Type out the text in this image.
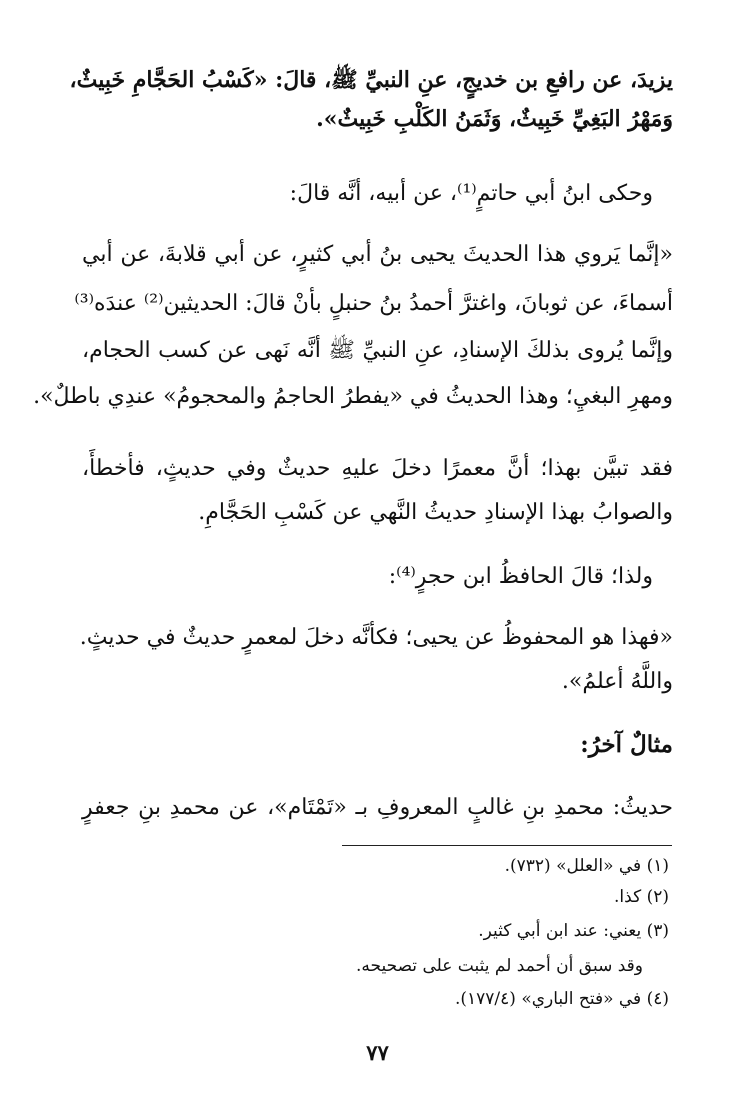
يزيدَ، عن رافعِ بن خديجٍ، عنِ النبيِّ ﷺ، قالَ: «كَسْبُ الحَجَّامِ خَبِيثٌ،
وَمَهْرُ البَغِيِّ خَبِيثٌ، وَثَمَنُ الكَلْبِ خَبِيثٌ».
وحكى ابنُ أبي حاتمٍ⁽¹⁾، عن أبيه، أنَّه قالَ:
«إنَّما يَروي هذا الحديثَ يحيى بنُ أبي كثيرٍ، عن أبي قلابةَ، عن أبي
أسماءَ، عن ثوبانَ، واغترَّ أحمدُ بنُ حنبلٍ بأنْ قالَ: الحديثين⁽²⁾ عندَه⁽³⁾
وإنَّما يُروى بذلكَ الإسنادِ، عنِ النبيِّ ﷺ أنَّه نَهى عن كسب الحجام،
ومهرِ البغيِ؛ وهذا الحديثُ في «يفطرُ الحاجمُ والمحجومُ» عندِي باطلٌ».
فقد تبيَّن بهذا؛ أنَّ معمرًا دخلَ عليهِ حديثٌ وفي حديثٍ، فأخطأَ،
والصوابُ بهذا الإسنادِ حديثُ النَّهي عن كَسْبِ الحَجَّامِ.
ولذا؛ قالَ الحافظُ ابن حجرٍ⁽⁴⁾:
«فهذا هو المحفوظُ عن يحيى؛ فكأنَّه دخلَ لمعمرٍ حديثٌ في حديثٍ.
واللَّهُ أعلمُ».
مثالٌ آخرُ:
حديثُ: محمدِ بنِ غالبٍ المعروفِ بـ «تَمْتَام»، عن محمدِ بنِ جعفرٍ
(١) في «العلل» (٧٣٢).
(٢) كذا.
(٣) يعني: عند ابن أبي كثير.
وقد سبق أن أحمد لم يثبت على تصحيحه.
(٤) في «فتح الباري» (١٧٧/٤).
٧٧
